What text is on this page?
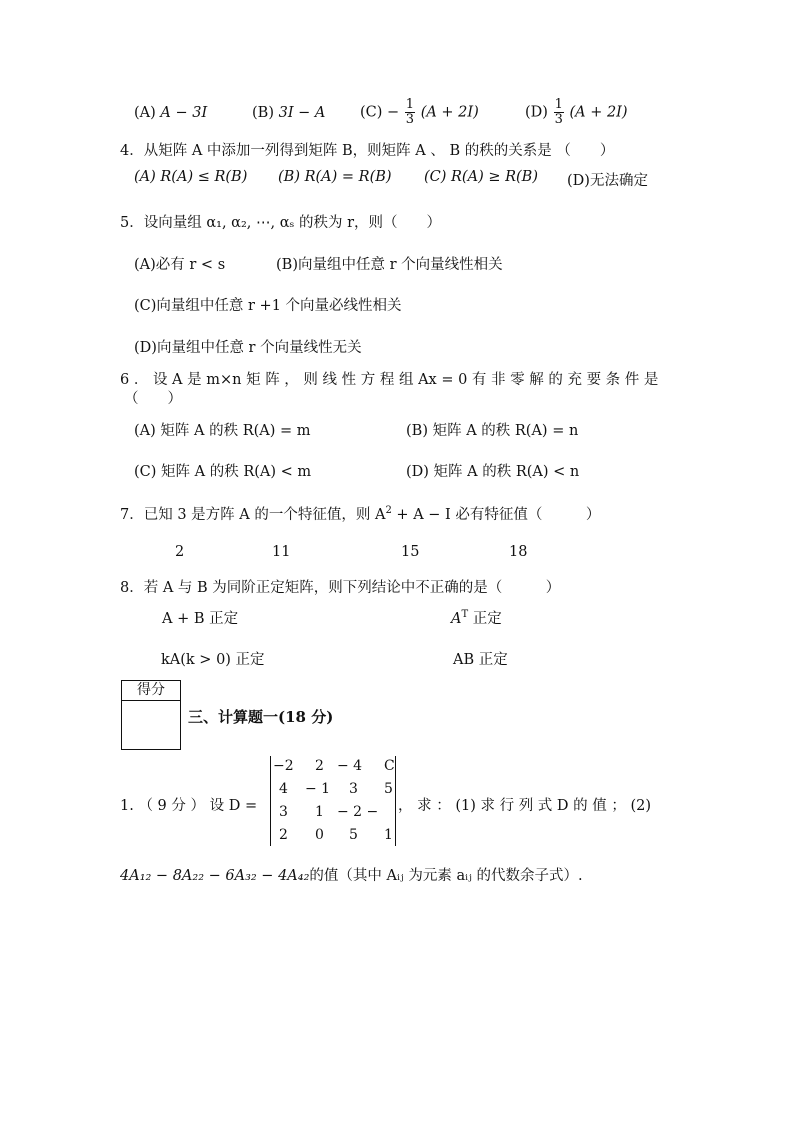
(A) A − 3I	(B) 3I − A $(C) - \frac{1}{3} (A + 2I)$	$(D) \frac{1}{3} (A + 2I)$
4．从矩阵 A 中添加一列得到矩阵 B，则矩阵 A 、 B 的秩的关系是 （　　）
(A) R(A) ≤ R(B) (B) R(A) = R(B) (C) R(A) ≥ R(B) (D)无法确定
5．设向量组 α₁, α₂, ⋯, αₛ 的秩为 r，则（　　）
(A)必有 r < s	(B)向量组中任意 r 个向量线性相关
(C)向量组中任意 r +1 个向量必线性相关
(D)向量组中任意 r 个向量线性无关
6 ． 设 A 是 m×n 矩 阵 ， 则 线 性 方 程 组 Ax = 0 有 非 零 解 的 充 要 条 件 是
（　　）
(A) 矩阵 A 的秩 R(A) = m	(B) 矩阵 A 的秩 R(A) = n
(C) 矩阵 A 的秩 R(A) < m	(D) 矩阵 A 的秩 R(A) < n
7．已知 3 是方阵 A 的一个特征值，则 $A^2 + A - I$ 必有特征值（　　　）
2	11	15	18
8．若 A 与 B 为同阶正定矩阵，则下列结论中不正确的是（　　　）
A + B 正定	$A^T$ 正定
kA(k > 0) 正定	AB 正定
得分
三、计算题一(18 分)
1. （ 9 分 ） 设 D =
−2 2 − 4 C
4 − 1 3 5
3 1 − 2 −
2 0 5 1
， 求 ： (1) 求 行 列 式 D 的 值 ； (2)
4A₁₂ − 8A₂₂ − 6A₃₂ − 4A₄₂的值（其中 Aᵢⱼ 为元素 aᵢⱼ 的代数余子式）.
